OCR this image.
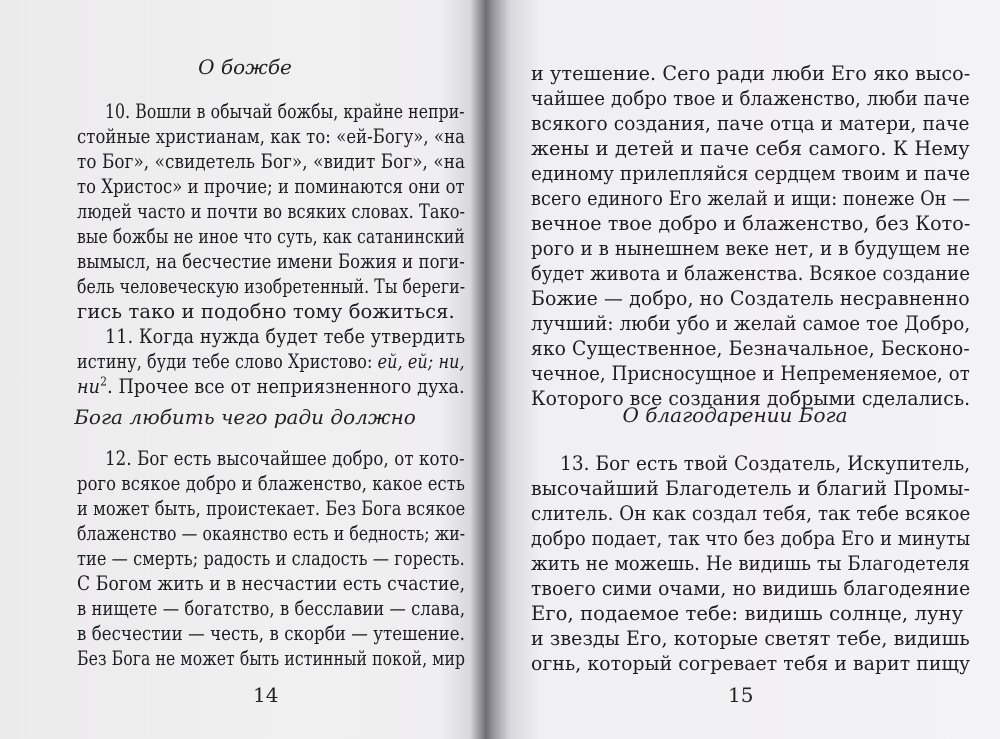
О божбе
10. Вошли в обычай божбы, крайне непри-
стойные христианам, как то: «ей-Богу», «на
то Бог», «свидетель Бог», «видит Бог», «на
то Христос» и прочие; и поминаются они от
людей часто и почти во всяких словах. Тако-
вые божбы не иное что суть, как сатанинский
вымысл, на бесчестие имени Божия и поги-
бель человеческую изобретенный. Ты береги-
гись тако и подобно тому божиться.
11. Когда нужда будет тебе утвердить
истину, буди тебе слово Христово: ей, ей; ни,
$ни^2$. Прочее все от неприязненного духа.
Бога любить чего ради должно
12. Бог есть высочайшее добро, от кото-
рого всякое добро и блаженство, какое есть
и может быть, проистекает. Без Бога всякое
блаженство — окаянство есть и бедность; жи-
тие — смерть; радость и сладость — горесть.
С Богом жить и в несчастии есть счастие,
в нищете — богатство, в бесславии — слава,
в бесчестии — честь, в скорби — утешение.
Без Бога не может быть истинный покой, мир
14
и утешение. Сего ради люби Его яко высо-
чайшее добро твое и блаженство, люби паче
всякого создания, паче отца и матери, паче
жены и детей и паче себя самого. К Нему
единому прилепляйся сердцем твоим и паче
всего единого Его желай и ищи: понеже Он —
вечное твое добро и блаженство, без Кото-
рого и в нынешнем веке нет, и в будущем не
будет живота и блаженства. Всякое создание
Божие — добро, но Создатель несравненно
лучший: люби убо и желай самое тое Добро,
яко Существенное, Безначальное, Бесконо-
чечное, Присносущное и Непременяемое, от
Которого все создания добрыми сделались.
О благодарении Бога
13. Бог есть твой Создатель, Искупитель,
высочайший Благодетель и благий Промы-
слитель. Он как создал тебя, так тебе всякое
добро подает, так что без добра Его и минуты
жить не можешь. Не видишь ты Благодетеля
твоего сими очами, но видишь благодеяние
Его, подаемое тебе: видишь солнце, луну
и звезды Его, которые светят тебе, видишь
огнь, который согревает тебя и варит пищу
15
